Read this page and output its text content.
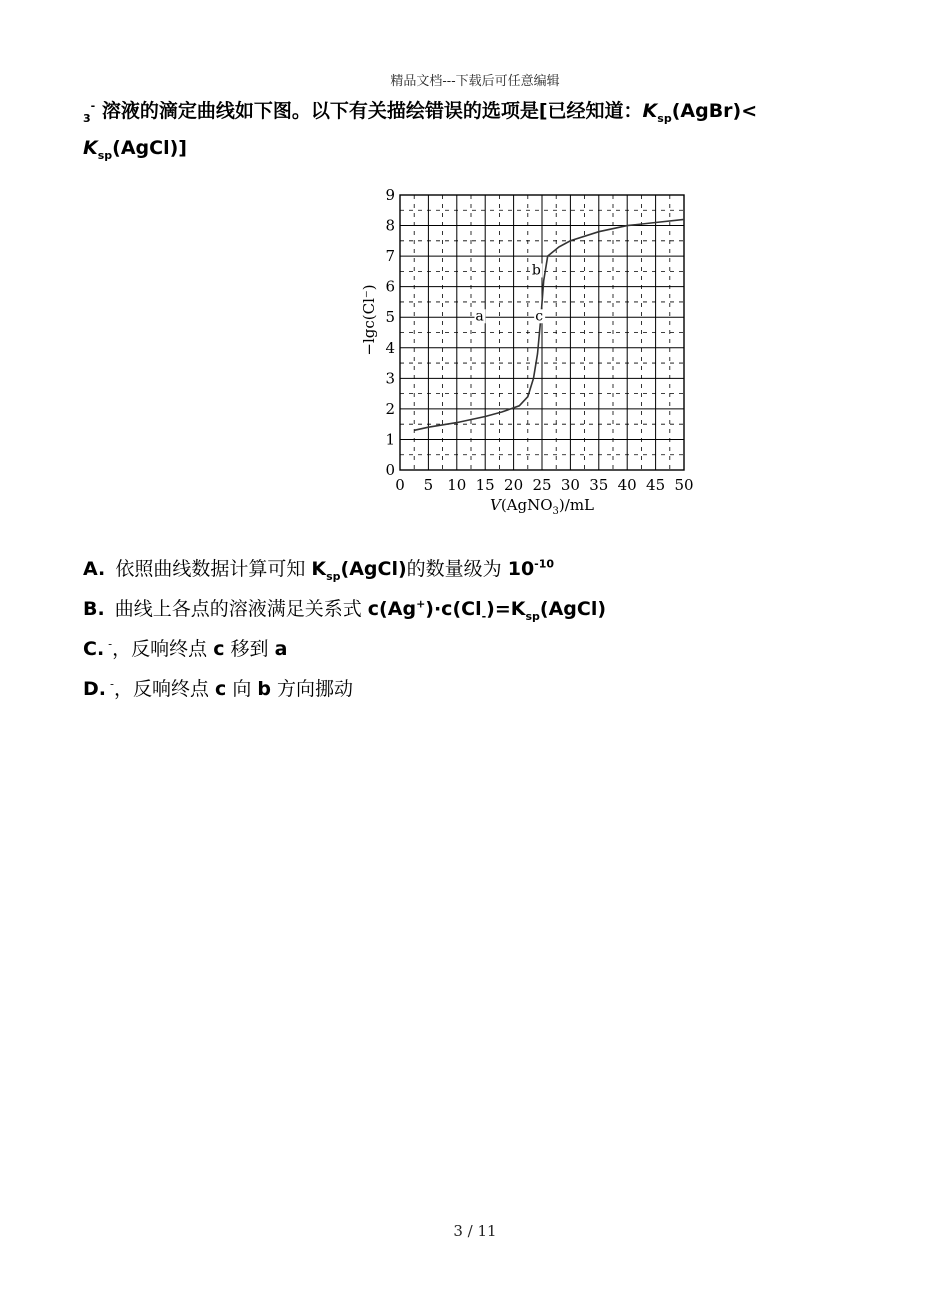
精品文档---下载后可任意编辑
$_3$- 溶液的滴定曲线如下图。以下有关描绘错误的选项是[已经知道：$K_{sp}(AgBr)<$
$K_{sp}(AgCl)$]
0 5 10 15 20 25 30 35 40 45 50
0
1
2
3
4
5
6
7
8
9
a
b
c
V(AgNO$_3$)/mL
−lgc(Cl⁻)
A. 依照曲线数据计算可知 $K_{sp}(AgCl)$的数量级为 $10^{-10}$
B. 曲线上各点的溶液满足关系式 $c(Ag^+)\cdot c(Cl_-)=K_{sp}(AgCl)$
C. -，反响终点 c 移到 a
D. -，反响终点 c 向 b 方向挪动
3 / 11
